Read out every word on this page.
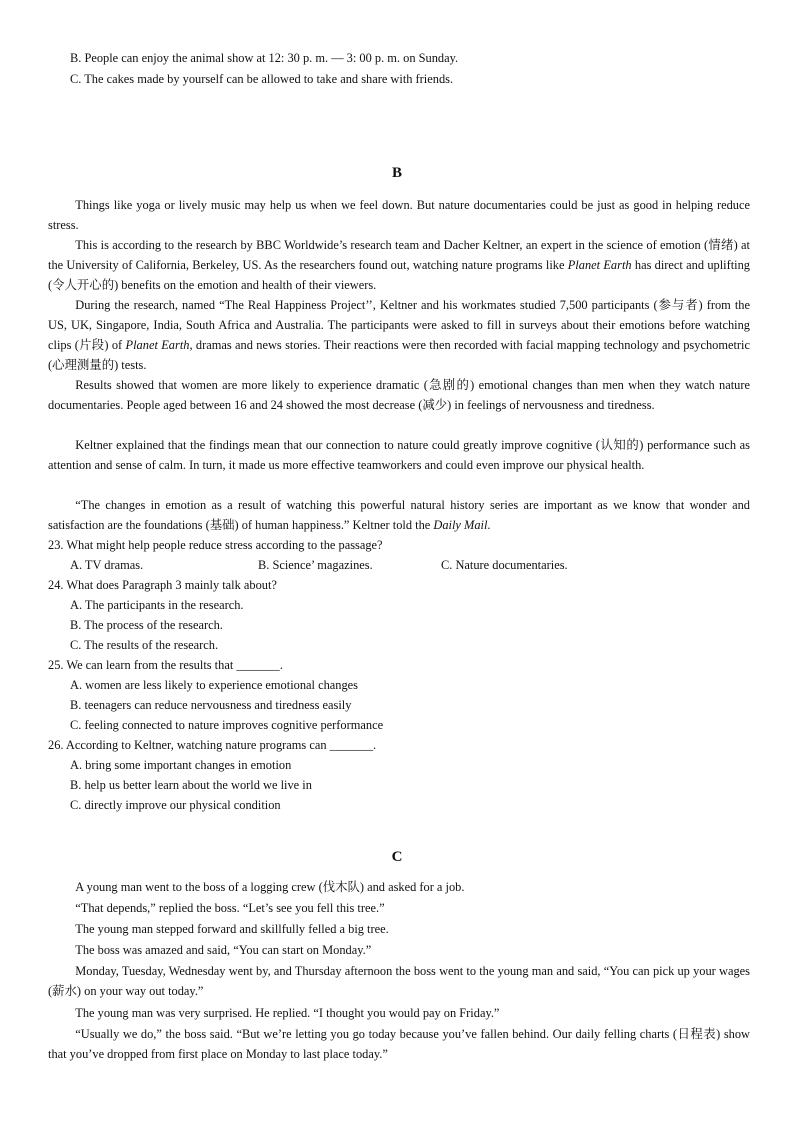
B. People can enjoy the animal show at 12: 30 p. m. — 3: 00 p. m. on Sunday.
C. The cakes made by yourself can be allowed to take and share with friends.
B
Things like yoga or lively music may help us when we feel down. But nature documentaries could be just as good in helping reduce stress.
This is according to the research by BBC Worldwide’s research team and Dacher Keltner, an expert in the science of emotion (情绪) at the University of California, Berkeley, US. As the researchers found out, watching nature programs like Planet Earth has direct and uplifting (令人开心的) benefits on the emotion and health of their viewers.
During the research, named “The Real Happiness Project’’, Keltner and his workmates studied 7,500 participants (参与者) from the US, UK, Singapore, India, South Africa and Australia. The participants were asked to fill in surveys about their emotions before watching clips (片段) of Planet Earth, dramas and news stories. Their reactions were then recorded with facial mapping technology and psychometric (心理测量的) tests.
Results showed that women are more likely to experience dramatic (急剧的) emotional changes than men when they watch nature documentaries. People aged between 16 and 24 showed the most decrease (减少) in feelings of nervousness and tiredness.
Keltner explained that the findings mean that our connection to nature could greatly improve cognitive (认知的) performance such as attention and sense of calm. In turn, it made us more effective teamworkers and could even improve our physical health.
“The changes in emotion as a result of watching this powerful natural history series are important as we know that wonder and satisfaction are the foundations (基础) of human happiness.” Keltner told the Daily Mail.
23. What might help people reduce stress according to the passage?
A. TV dramas.	B. Science’ magazines.	C. Nature documentaries.
24. What does Paragraph 3 mainly talk about?
A. The participants in the research.
B. The process of the research.
C. The results of the research.
25. We can learn from the results that _______.
A. women are less likely to experience emotional changes
B. teenagers can reduce nervousness and tiredness easily
C. feeling connected to nature improves cognitive performance
26. According to Keltner, watching nature programs can _______.
A. bring some important changes in emotion
B. help us better learn about the world we live in
C. directly improve our physical condition
C
A young man went to the boss of a logging crew (伐木队) and asked for a job.
“That depends,” replied the boss. “Let’s see you fell this tree.”
The young man stepped forward and skillfully felled a big tree.
The boss was amazed and said, “You can start on Monday.”
Monday, Tuesday, Wednesday went by, and Thursday afternoon the boss went to the young man and said, “You can pick up your wages (薪水) on your way out today.”
The young man was very surprised. He replied. “I thought you would pay on Friday.”
“Usually we do,” the boss said. “But we’re letting you go today because you’ve fallen behind. Our daily felling charts (日程表) show that you’ve dropped from first place on Monday to last place today.”
